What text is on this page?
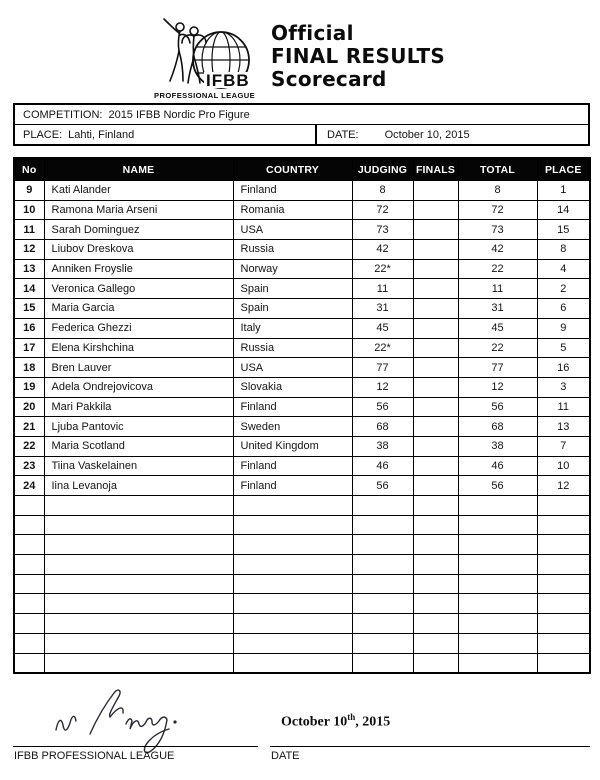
IFBB
PROFESSIONAL LEAGUE
Official
FINAL RESULTS
Scorecard
COMPETITION: 2015 IFBB Nordic Pro Figure
PLACE: Lahti, Finland	DATE: October 10, 2015
No	NAME	COUNTRY	JUDGING	FINALS	TOTAL	PLACE
9	Kati Alander	Finland	8		8	1
10	Ramona Maria Arseni	Romania	72		72	14
11	Sarah Dominguez	USA	73		73	15
12	Liubov Dreskova	Russia	42		42	8
13	Anniken Froyslie	Norway	22*		22	4
14	Veronica Gallego	Spain	11		11	2
15	Maria Garcia	Spain	31		31	6
16	Federica Ghezzi	Italy	45		45	9
17	Elena Kirshchina	Russia	22*		22	5
18	Bren Lauver	USA	77		77	16
19	Adela Ondrejovicova	Slovakia	12		12	3
20	Mari Pakkila	Finland	56		56	11
21	Ljuba Pantovic	Sweden	68		68	13
22	Maria Scotland	United Kingdom	38		38	7
23	Tiina Vaskelainen	Finland	46		46	10
24	Iina Levanoja	Finland	56		56	12

October 10th, 2015
IFBB PROFESSIONAL LEAGUE	DATE
